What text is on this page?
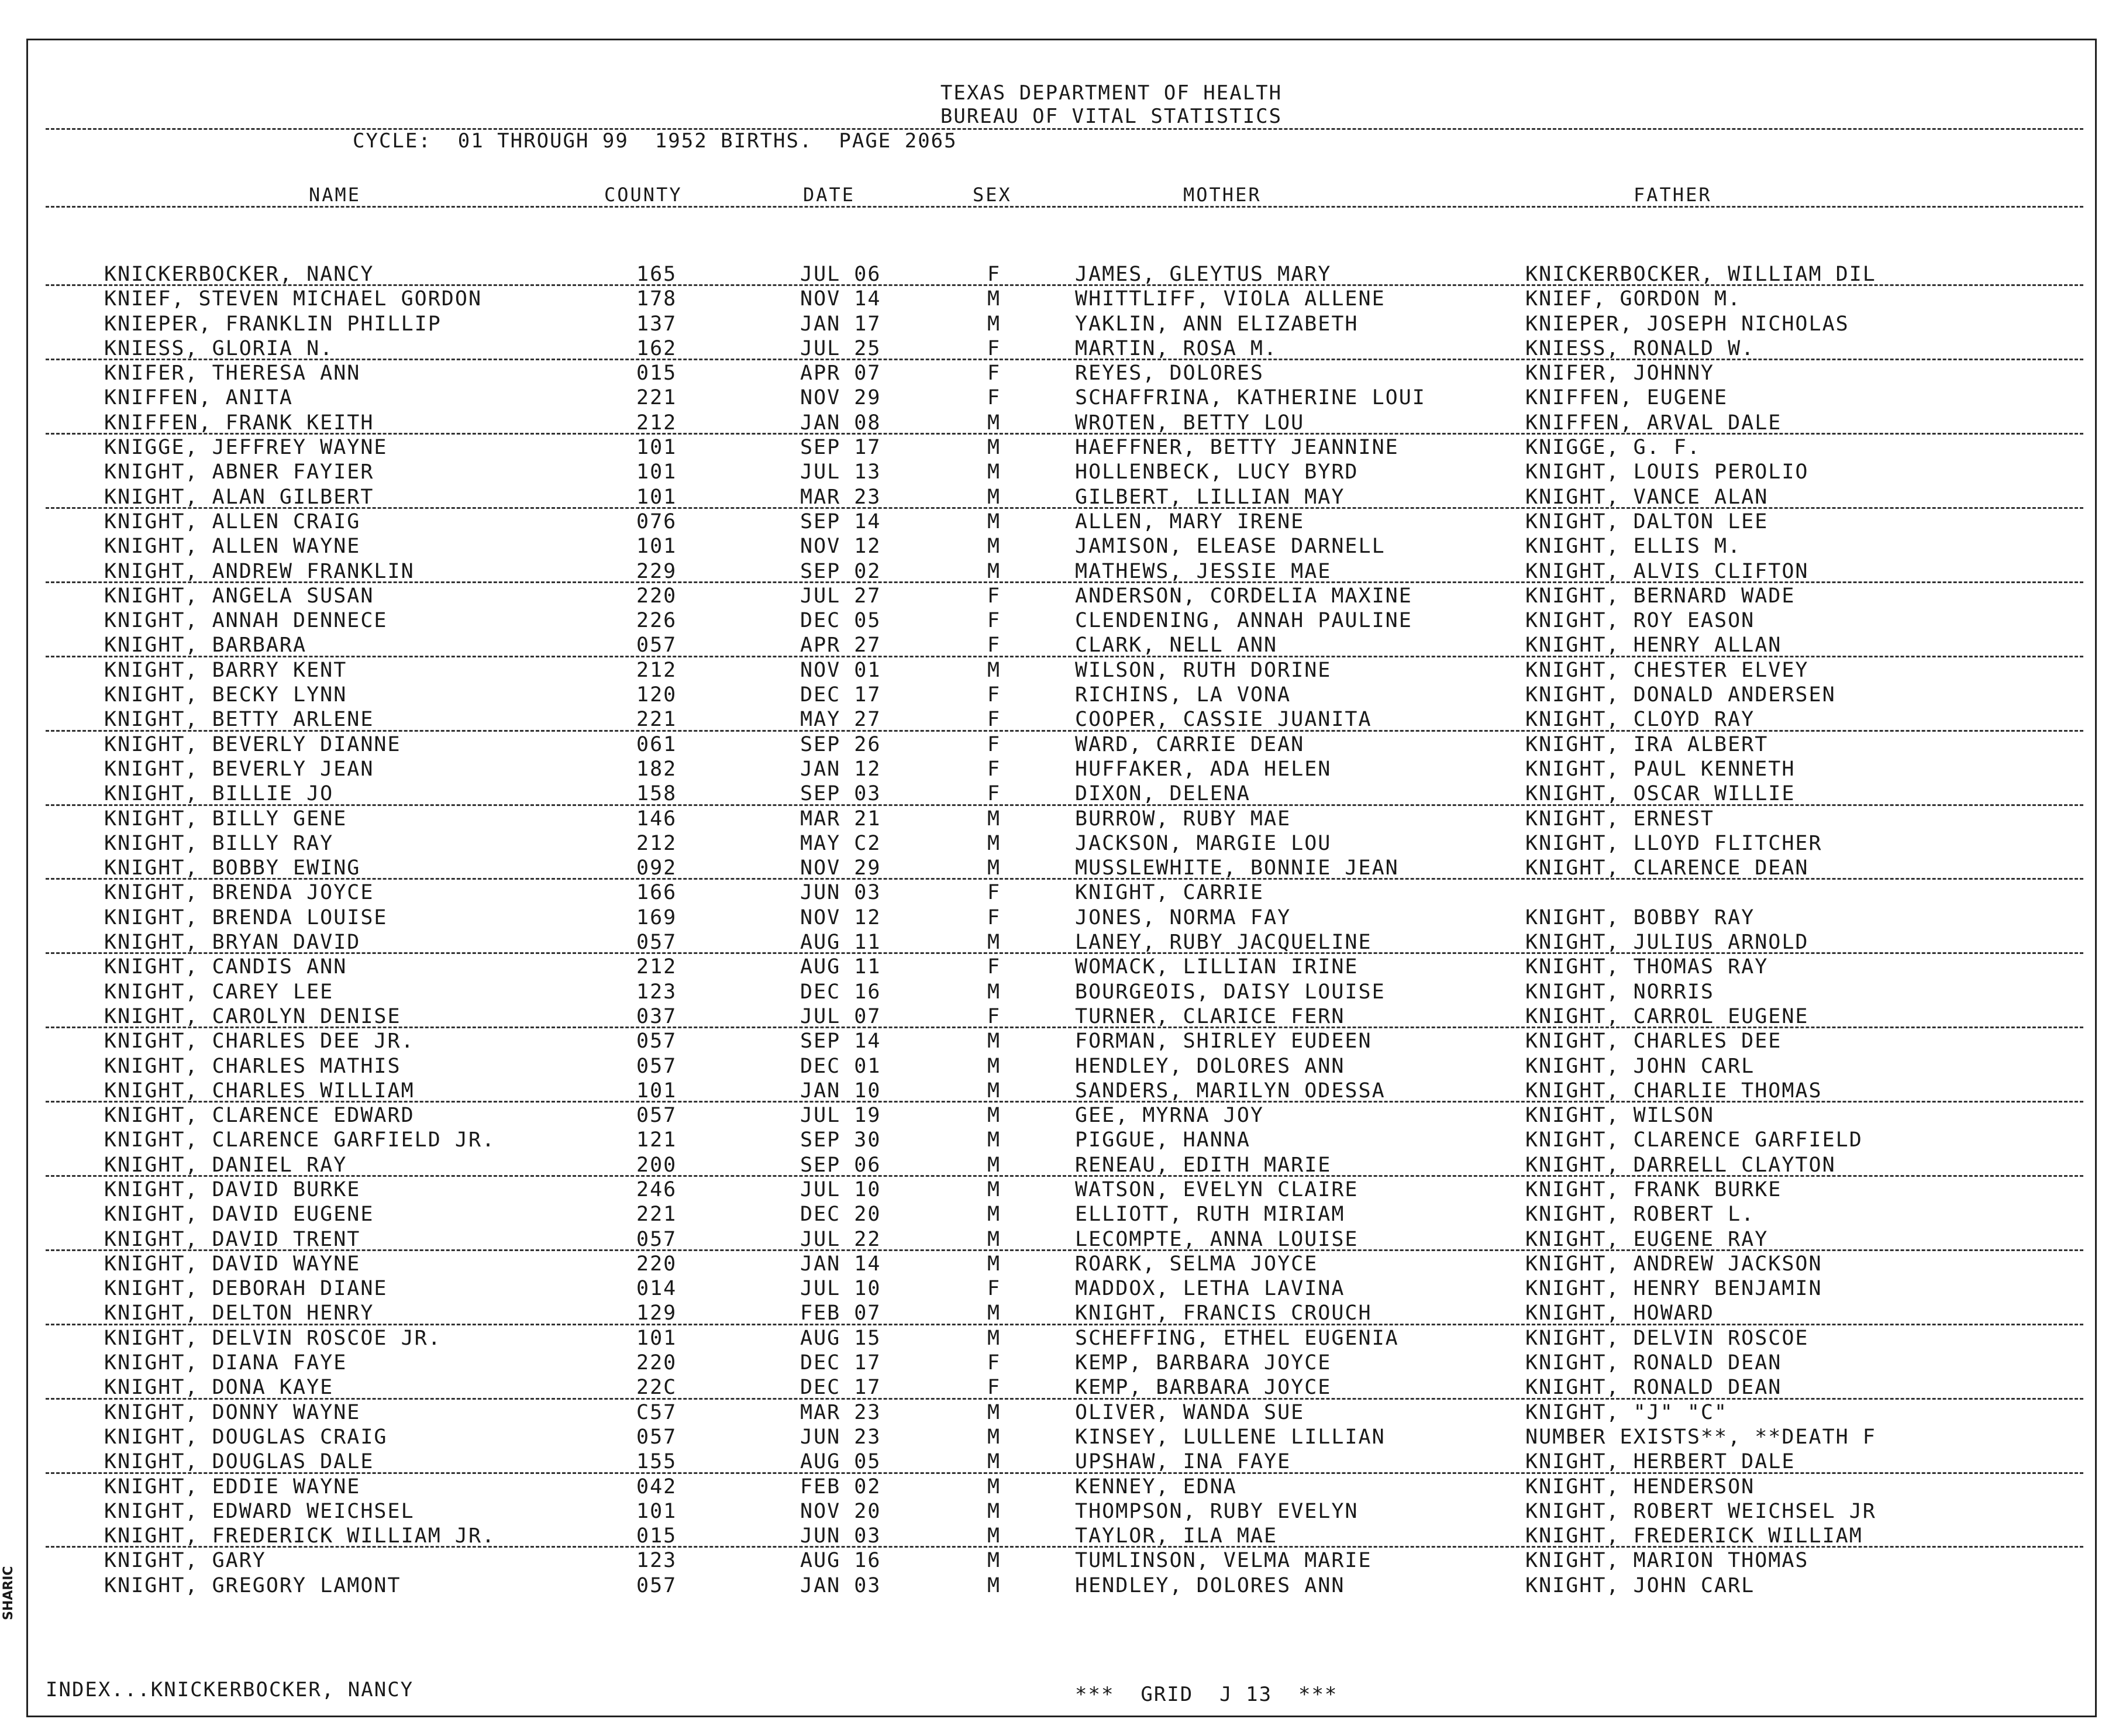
TEXAS DEPARTMENT OF HEALTH
BUREAU OF VITAL STATISTICS
CYCLE:  01 THROUGH 99  1952 BIRTHS.  PAGE 2065
NAME	COUNTY	DATE	SEX	MOTHER	FATHER
KNICKERBOCKER, NANCY	165	JUL 06	F	JAMES, GLEYTUS MARY	KNICKERBOCKER, WILLIAM DIL
KNIEF, STEVEN MICHAEL GORDON	178	NOV 14	M	WHITTLIFF, VIOLA ALLENE	KNIEF, GORDON M.
KNIEPER, FRANKLIN PHILLIP	137	JAN 17	M	YAKLIN, ANN ELIZABETH	KNIEPER, JOSEPH NICHOLAS
KNIESS, GLORIA N.	162	JUL 25	F	MARTIN, ROSA M.	KNIESS, RONALD W.
KNIFER, THERESA ANN	015	APR 07	F	REYES, DOLORES	KNIFER, JOHNNY
KNIFFEN, ANITA	221	NOV 29	F	SCHAFFRINA, KATHERINE LOUI	KNIFFEN, EUGENE
KNIFFEN, FRANK KEITH	212	JAN 08	M	WROTEN, BETTY LOU	KNIFFEN, ARVAL DALE
KNIGGE, JEFFREY WAYNE	101	SEP 17	M	HAEFFNER, BETTY JEANNINE	KNIGGE, G. F.
KNIGHT, ABNER FAYIER	101	JUL 13	M	HOLLENBECK, LUCY BYRD	KNIGHT, LOUIS PEROLIO
KNIGHT, ALAN GILBERT	101	MAR 23	M	GILBERT, LILLIAN MAY	KNIGHT, VANCE ALAN
KNIGHT, ALLEN CRAIG	076	SEP 14	M	ALLEN, MARY IRENE	KNIGHT, DALTON LEE
KNIGHT, ALLEN WAYNE	101	NOV 12	M	JAMISON, ELEASE DARNELL	KNIGHT, ELLIS M.
KNIGHT, ANDREW FRANKLIN	229	SEP 02	M	MATHEWS, JESSIE MAE	KNIGHT, ALVIS CLIFTON
KNIGHT, ANGELA SUSAN	220	JUL 27	F	ANDERSON, CORDELIA MAXINE	KNIGHT, BERNARD WADE
KNIGHT, ANNAH DENNECE	226	DEC 05	F	CLENDENING, ANNAH PAULINE	KNIGHT, ROY EASON
KNIGHT, BARBARA	057	APR 27	F	CLARK, NELL ANN	KNIGHT, HENRY ALLAN
KNIGHT, BARRY KENT	212	NOV 01	M	WILSON, RUTH DORINE	KNIGHT, CHESTER ELVEY
KNIGHT, BECKY LYNN	120	DEC 17	F	RICHINS, LA VONA	KNIGHT, DONALD ANDERSEN
KNIGHT, BETTY ARLENE	221	MAY 27	F	COOPER, CASSIE JUANITA	KNIGHT, CLOYD RAY
KNIGHT, BEVERLY DIANNE	061	SEP 26	F	WARD, CARRIE DEAN	KNIGHT, IRA ALBERT
KNIGHT, BEVERLY JEAN	182	JAN 12	F	HUFFAKER, ADA HELEN	KNIGHT, PAUL KENNETH
KNIGHT, BILLIE JO	158	SEP 03	F	DIXON, DELENA	KNIGHT, OSCAR WILLIE
KNIGHT, BILLY GENE	146	MAR 21	M	BURROW, RUBY MAE	KNIGHT, ERNEST
KNIGHT, BILLY RAY	212	MAY C2	M	JACKSON, MARGIE LOU	KNIGHT, LLOYD FLITCHER
KNIGHT, BOBBY EWING	092	NOV 29	M	MUSSLEWHITE, BONNIE JEAN	KNIGHT, CLARENCE DEAN
KNIGHT, BRENDA JOYCE	166	JUN 03	F	KNIGHT, CARRIE
KNIGHT, BRENDA LOUISE	169	NOV 12	F	JONES, NORMA FAY	KNIGHT, BOBBY RAY
KNIGHT, BRYAN DAVID	057	AUG 11	M	LANEY, RUBY JACQUELINE	KNIGHT, JULIUS ARNOLD
KNIGHT, CANDIS ANN	212	AUG 11	F	WOMACK, LILLIAN IRINE	KNIGHT, THOMAS RAY
KNIGHT, CAREY LEE	123	DEC 16	M	BOURGEOIS, DAISY LOUISE	KNIGHT, NORRIS
KNIGHT, CAROLYN DENISE	037	JUL 07	F	TURNER, CLARICE FERN	KNIGHT, CARROL EUGENE
KNIGHT, CHARLES DEE JR.	057	SEP 14	M	FORMAN, SHIRLEY EUDEEN	KNIGHT, CHARLES DEE
KNIGHT, CHARLES MATHIS	057	DEC 01	M	HENDLEY, DOLORES ANN	KNIGHT, JOHN CARL
KNIGHT, CHARLES WILLIAM	101	JAN 10	M	SANDERS, MARILYN ODESSA	KNIGHT, CHARLIE THOMAS
KNIGHT, CLARENCE EDWARD	057	JUL 19	M	GEE, MYRNA JOY	KNIGHT, WILSON
KNIGHT, CLARENCE GARFIELD JR.	121	SEP 30	M	PIGGUE, HANNA	KNIGHT, CLARENCE GARFIELD
KNIGHT, DANIEL RAY	200	SEP 06	M	RENEAU, EDITH MARIE	KNIGHT, DARRELL CLAYTON
KNIGHT, DAVID BURKE	246	JUL 10	M	WATSON, EVELYN CLAIRE	KNIGHT, FRANK BURKE
KNIGHT, DAVID EUGENE	221	DEC 20	M	ELLIOTT, RUTH MIRIAM	KNIGHT, ROBERT L.
KNIGHT, DAVID TRENT	057	JUL 22	M	LECOMPTE, ANNA LOUISE	KNIGHT, EUGENE RAY
KNIGHT, DAVID WAYNE	220	JAN 14	M	ROARK, SELMA JOYCE	KNIGHT, ANDREW JACKSON
KNIGHT, DEBORAH DIANE	014	JUL 10	F	MADDOX, LETHA LAVINA	KNIGHT, HENRY BENJAMIN
KNIGHT, DELTON HENRY	129	FEB 07	M	KNIGHT, FRANCIS CROUCH	KNIGHT, HOWARD
KNIGHT, DELVIN ROSCOE JR.	101	AUG 15	M	SCHEFFING, ETHEL EUGENIA	KNIGHT, DELVIN ROSCOE
KNIGHT, DIANA FAYE	220	DEC 17	F	KEMP, BARBARA JOYCE	KNIGHT, RONALD DEAN
KNIGHT, DONA KAYE	22C	DEC 17	F	KEMP, BARBARA JOYCE	KNIGHT, RONALD DEAN
KNIGHT, DONNY WAYNE	C57	MAR 23	M	OLIVER, WANDA SUE	KNIGHT, "J" "C"
KNIGHT, DOUGLAS CRAIG	057	JUN 23	M	KINSEY, LULLENE LILLIAN	NUMBER EXISTS**, **DEATH F
KNIGHT, DOUGLAS DALE	155	AUG 05	M	UPSHAW, INA FAYE	KNIGHT, HERBERT DALE
KNIGHT, EDDIE WAYNE	042	FEB 02	M	KENNEY, EDNA	KNIGHT, HENDERSON
KNIGHT, EDWARD WEICHSEL	101	NOV 20	M	THOMPSON, RUBY EVELYN	KNIGHT, ROBERT WEICHSEL JR
KNIGHT, FREDERICK WILLIAM JR.	015	JUN 03	M	TAYLOR, ILA MAE	KNIGHT, FREDERICK WILLIAM
KNIGHT, GARY	123	AUG 16	M	TUMLINSON, VELMA MARIE	KNIGHT, MARION THOMAS
KNIGHT, GREGORY LAMONT	057	JAN 03	M	HENDLEY, DOLORES ANN	KNIGHT, JOHN CARL
INDEX...KNICKERBOCKER, NANCY	***  GRID  J 13  ***
SHARIC
